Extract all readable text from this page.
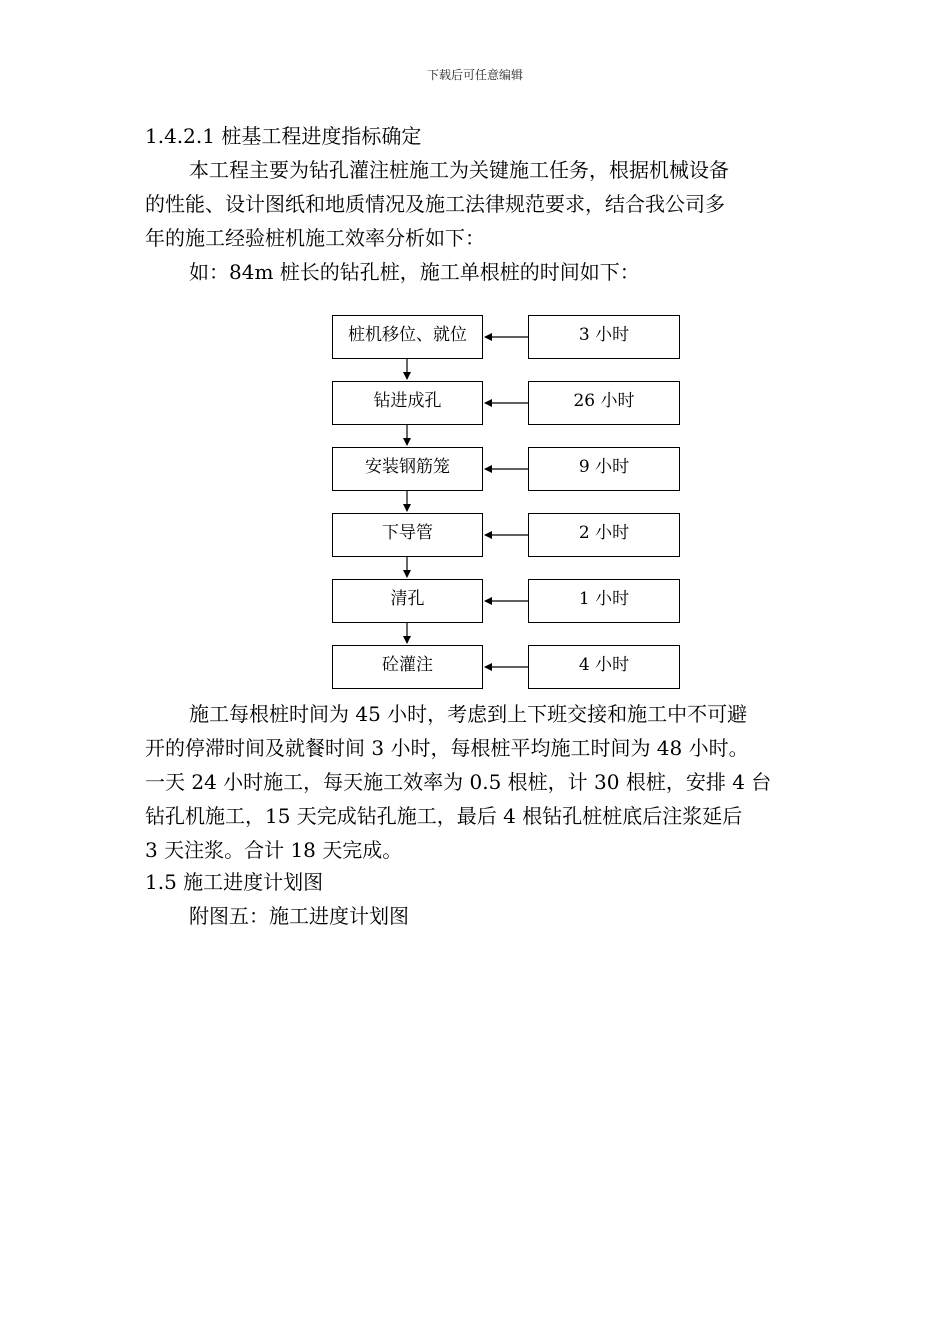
下载后可任意编辑
1.4.2.1 桩基工程进度指标确定
本工程主要为钻孔灌注桩施工为关键施工任务，根据机械设备
的性能、设计图纸和地质情况及施工法律规范要求，结合我公司多
年的施工经验桩机施工效率分析如下：
如：84m 桩长的钻孔桩，施工单根桩的时间如下：
桩机移位、就位	3 小时
钻进成孔	26 小时
安装钢筋笼	9 小时
下导管	2 小时
清孔	1 小时
砼灌注	4 小时
施工每根桩时间为 45 小时，考虑到上下班交接和施工中不可避
开的停滞时间及就餐时间 3 小时，每根桩平均施工时间为 48 小时。
一天 24 小时施工，每天施工效率为 0.5 根桩，计 30 根桩，安排 4 台
钻孔机施工，15 天完成钻孔施工，最后 4 根钻孔桩桩底后注浆延后
3 天注浆。合计 18 天完成。
1.5 施工进度计划图
附图五：施工进度计划图
